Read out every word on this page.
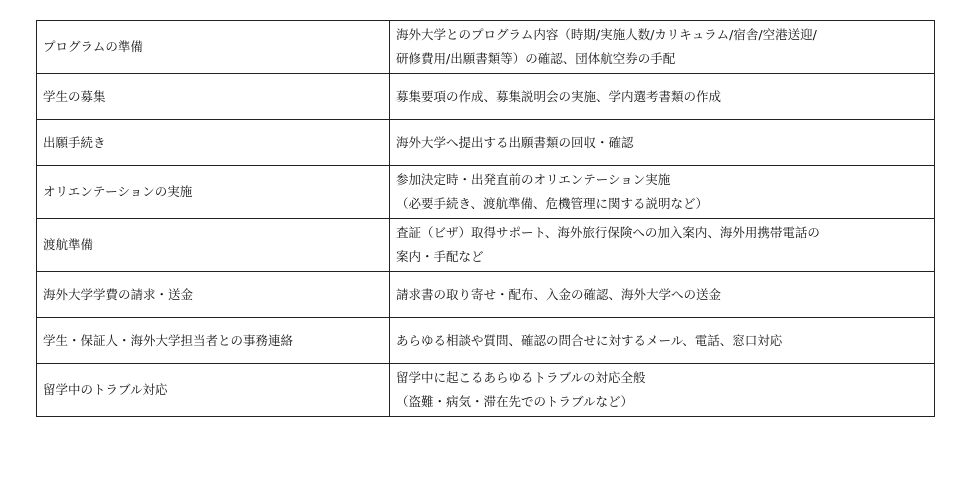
プログラムの準備	海外大学とのプログラム内容（時期/実施人数/カリキュラム/宿舎/空港送迎/
研修費用/出願書類等）の確認、団体航空券の手配

学生の募集	募集要項の作成、募集説明会の実施、学内選考書類の作成

出願手続き	海外大学へ提出する出願書類の回収・確認

オリエンテーションの実施	参加決定時・出発直前のオリエンテーション実施
（必要手続き、渡航準備、危機管理に関する説明など）

渡航準備	査証（ビザ）取得サポート、海外旅行保険への加入案内、海外用携帯電話の
案内・手配など

海外大学学費の請求・送金	請求書の取り寄せ・配布、入金の確認、海外大学への送金

学生・保証人・海外大学担当者との事務連絡	あらゆる相談や質問、確認の問合せに対するメール、電話、窓口対応

留学中のトラブル対応	留学中に起こるあらゆるトラブルの対応全般
（盗難・病気・滞在先でのトラブルなど）
